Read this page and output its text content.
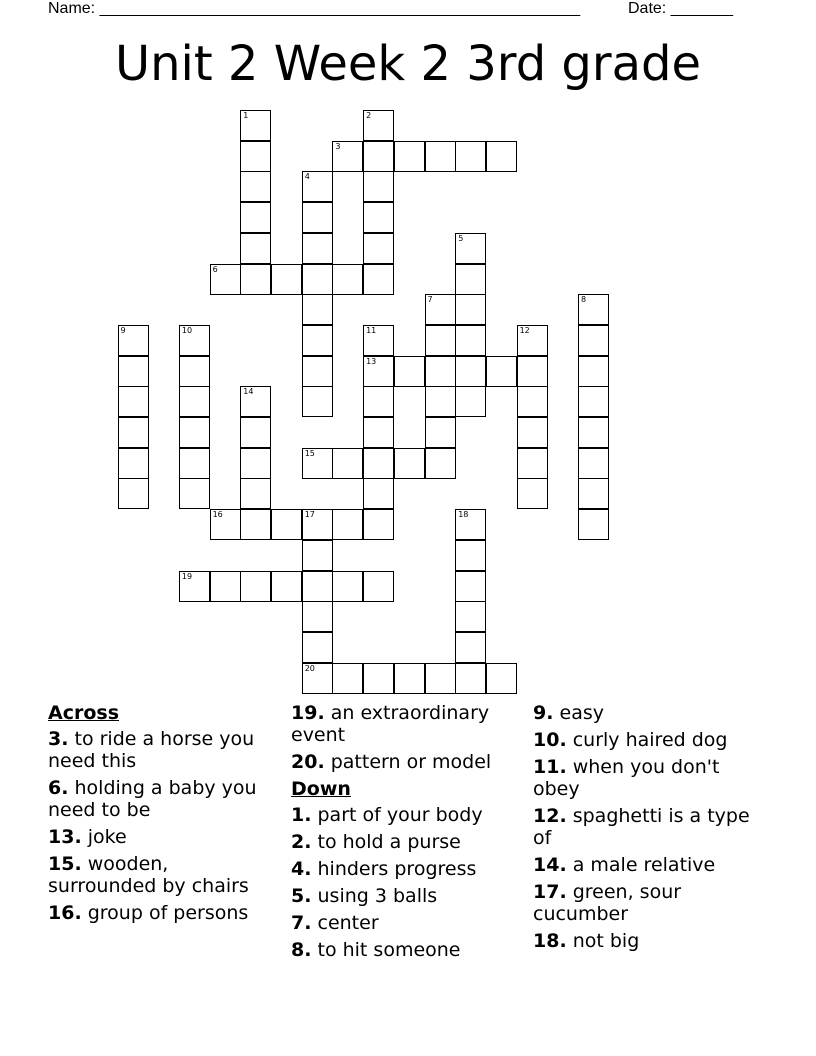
Name: ______________________________________________________	Date: _______
Unit 2 Week 2 3rd grade
1	2
3
4
5
6
7	8
9	10	11	12
13
14
15
16	17	18
19
20
Across
3. to ride a horse you need this
6. holding a baby you need to be
13. joke
15. wooden, surrounded by chairs
16. group of persons
19. an extraordinary event
20. pattern or model
Down
1. part of your body
2. to hold a purse
4. hinders progress
5. using 3 balls
7. center
8. to hit someone
9. easy
10. curly haired dog
11. when you don't obey
12. spaghetti is a type of
14. a male relative
17. green, sour cucumber
18. not big
